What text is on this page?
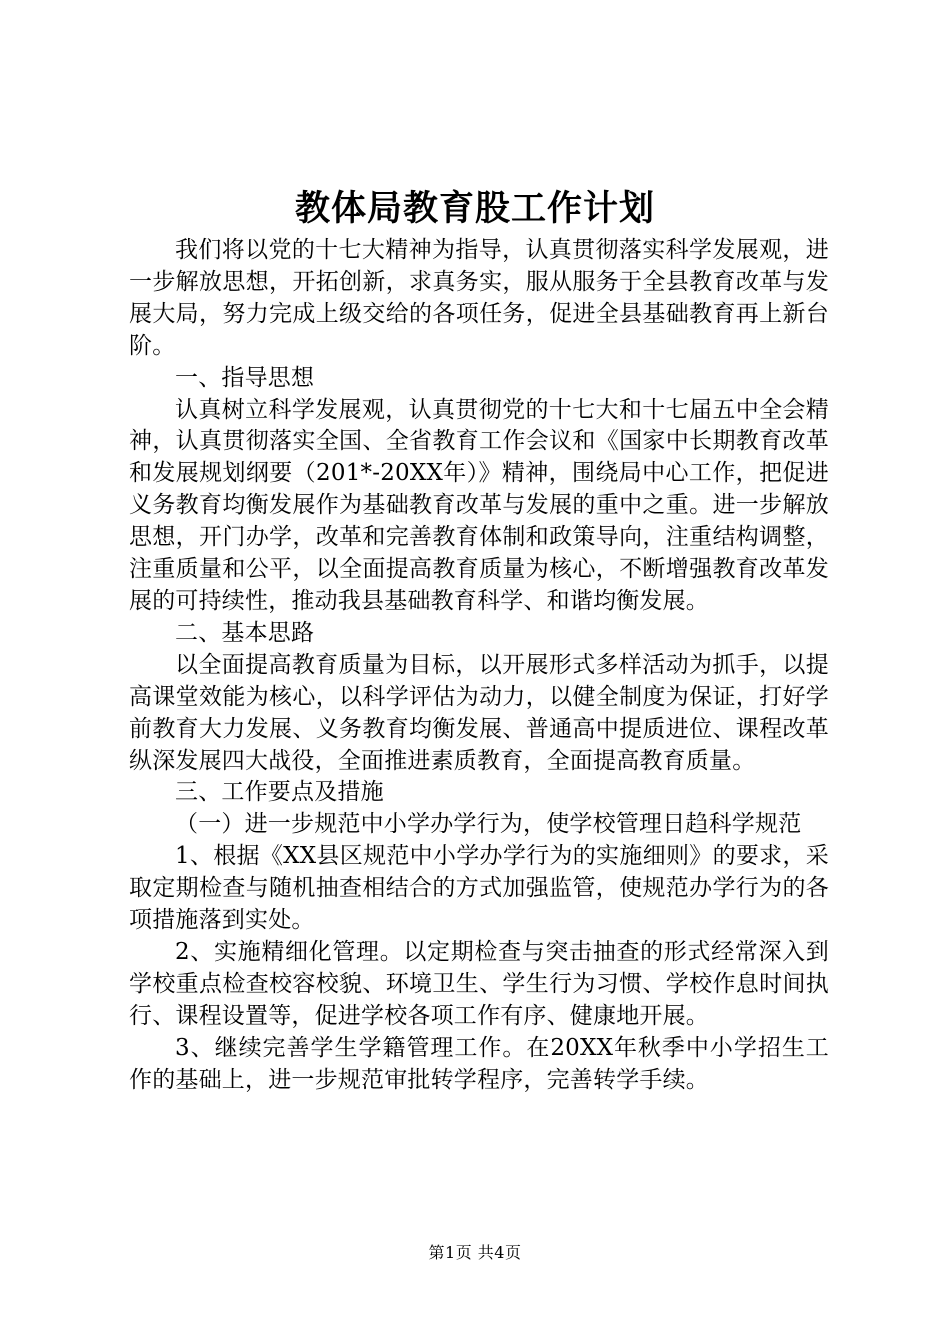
教体局教育股工作计划

我们将以党的十七大精神为指导，认真贯彻落实科学发展观，进一步解放思想，开拓创新，求真务实，服从服务于全县教育改革与发展大局，努力完成上级交给的各项任务，促进全县基础教育再上新台阶。

一、指导思想

认真树立科学发展观，认真贯彻党的十七大和十七届五中全会精神，认真贯彻落实全国、全省教育工作会议和《国家中长期教育改革和发展规划纲要（201*-20XX年）》精神，围绕局中心工作，把促进义务教育均衡发展作为基础教育改革与发展的重中之重。进一步解放思想，开门办学，改革和完善教育体制和政策导向，注重结构调整，注重质量和公平，以全面提高教育质量为核心，不断增强教育改革发展的可持续性，推动我县基础教育科学、和谐均衡发展。

二、基本思路

以全面提高教育质量为目标，以开展形式多样活动为抓手，以提高课堂效能为核心，以科学评估为动力，以健全制度为保证，打好学前教育大力发展、义务教育均衡发展、普通高中提质进位、课程改革纵深发展四大战役，全面推进素质教育，全面提高教育质量。

三、工作要点及措施

（一）进一步规范中小学办学行为，使学校管理日趋科学规范

1、根据《XX县区规范中小学办学行为的实施细则》的要求，采取定期检查与随机抽查相结合的方式加强监管，使规范办学行为的各项措施落到实处。

2、实施精细化管理。以定期检查与突击抽查的形式经常深入到学校重点检查校容校貌、环境卫生、学生行为习惯、学校作息时间执行、课程设置等，促进学校各项工作有序、健康地开展。

3、继续完善学生学籍管理工作。在20XX年秋季中小学招生工作的基础上，进一步规范审批转学程序，完善转学手续。

第1页 共4页
